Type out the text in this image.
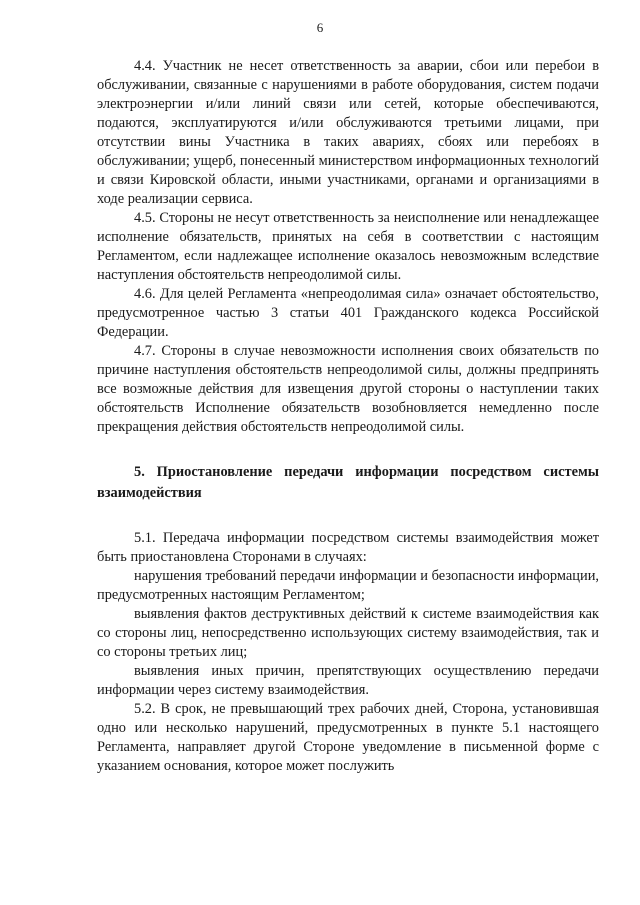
6

4.4. Участник не несет ответственность за аварии, сбои или перебои в обслуживании, связанные с нарушениями в работе оборудования, систем подачи электроэнергии и/или линий связи или сетей, которые обеспечиваются, подаются, эксплуатируются и/или обслуживаются третьими лицами, при отсутствии вины Участника в таких авариях, сбоях или перебоях в обслуживании; ущерб, понесенный министерством информационных технологий и связи Кировской области, иными участниками, органами и организациями в ходе реализации сервиса.

4.5. Стороны не несут ответственность за неисполнение или ненадлежащее исполнение обязательств, принятых на себя в соответствии с настоящим Регламентом, если надлежащее исполнение оказалось невозможным вследствие наступления обстоятельств непреодолимой силы.

4.6. Для целей Регламента «непреодолимая сила» означает обстоятельство, предусмотренное частью 3 статьи 401 Гражданского кодекса Российской Федерации.

4.7. Стороны в случае невозможности исполнения своих обязательств по причине наступления обстоятельств непреодолимой силы, должны предпринять все возможные действия для извещения другой стороны о наступлении таких обстоятельств Исполнение обязательств возобновляется немедленно после прекращения действия обстоятельств непреодолимой силы.

5. Приостановление передачи информации посредством системы взаимодействия

5.1. Передача информации посредством системы взаимодействия может быть приостановлена Сторонами в случаях:

нарушения требований передачи информации и безопасности информации, предусмотренных настоящим Регламентом;

выявления фактов деструктивных действий к системе взаимодействия как со стороны лиц, непосредственно использующих систему взаимодействия, так и со стороны третьих лиц;

выявления иных причин, препятствующих осуществлению передачи информации через систему взаимодействия.

5.2. В срок, не превышающий трех рабочих дней, Сторона, установившая одно или несколько нарушений, предусмотренных в пункте 5.1 настоящего Регламента, направляет другой Стороне уведомление в письменной форме с указанием основания, которое может послужить
